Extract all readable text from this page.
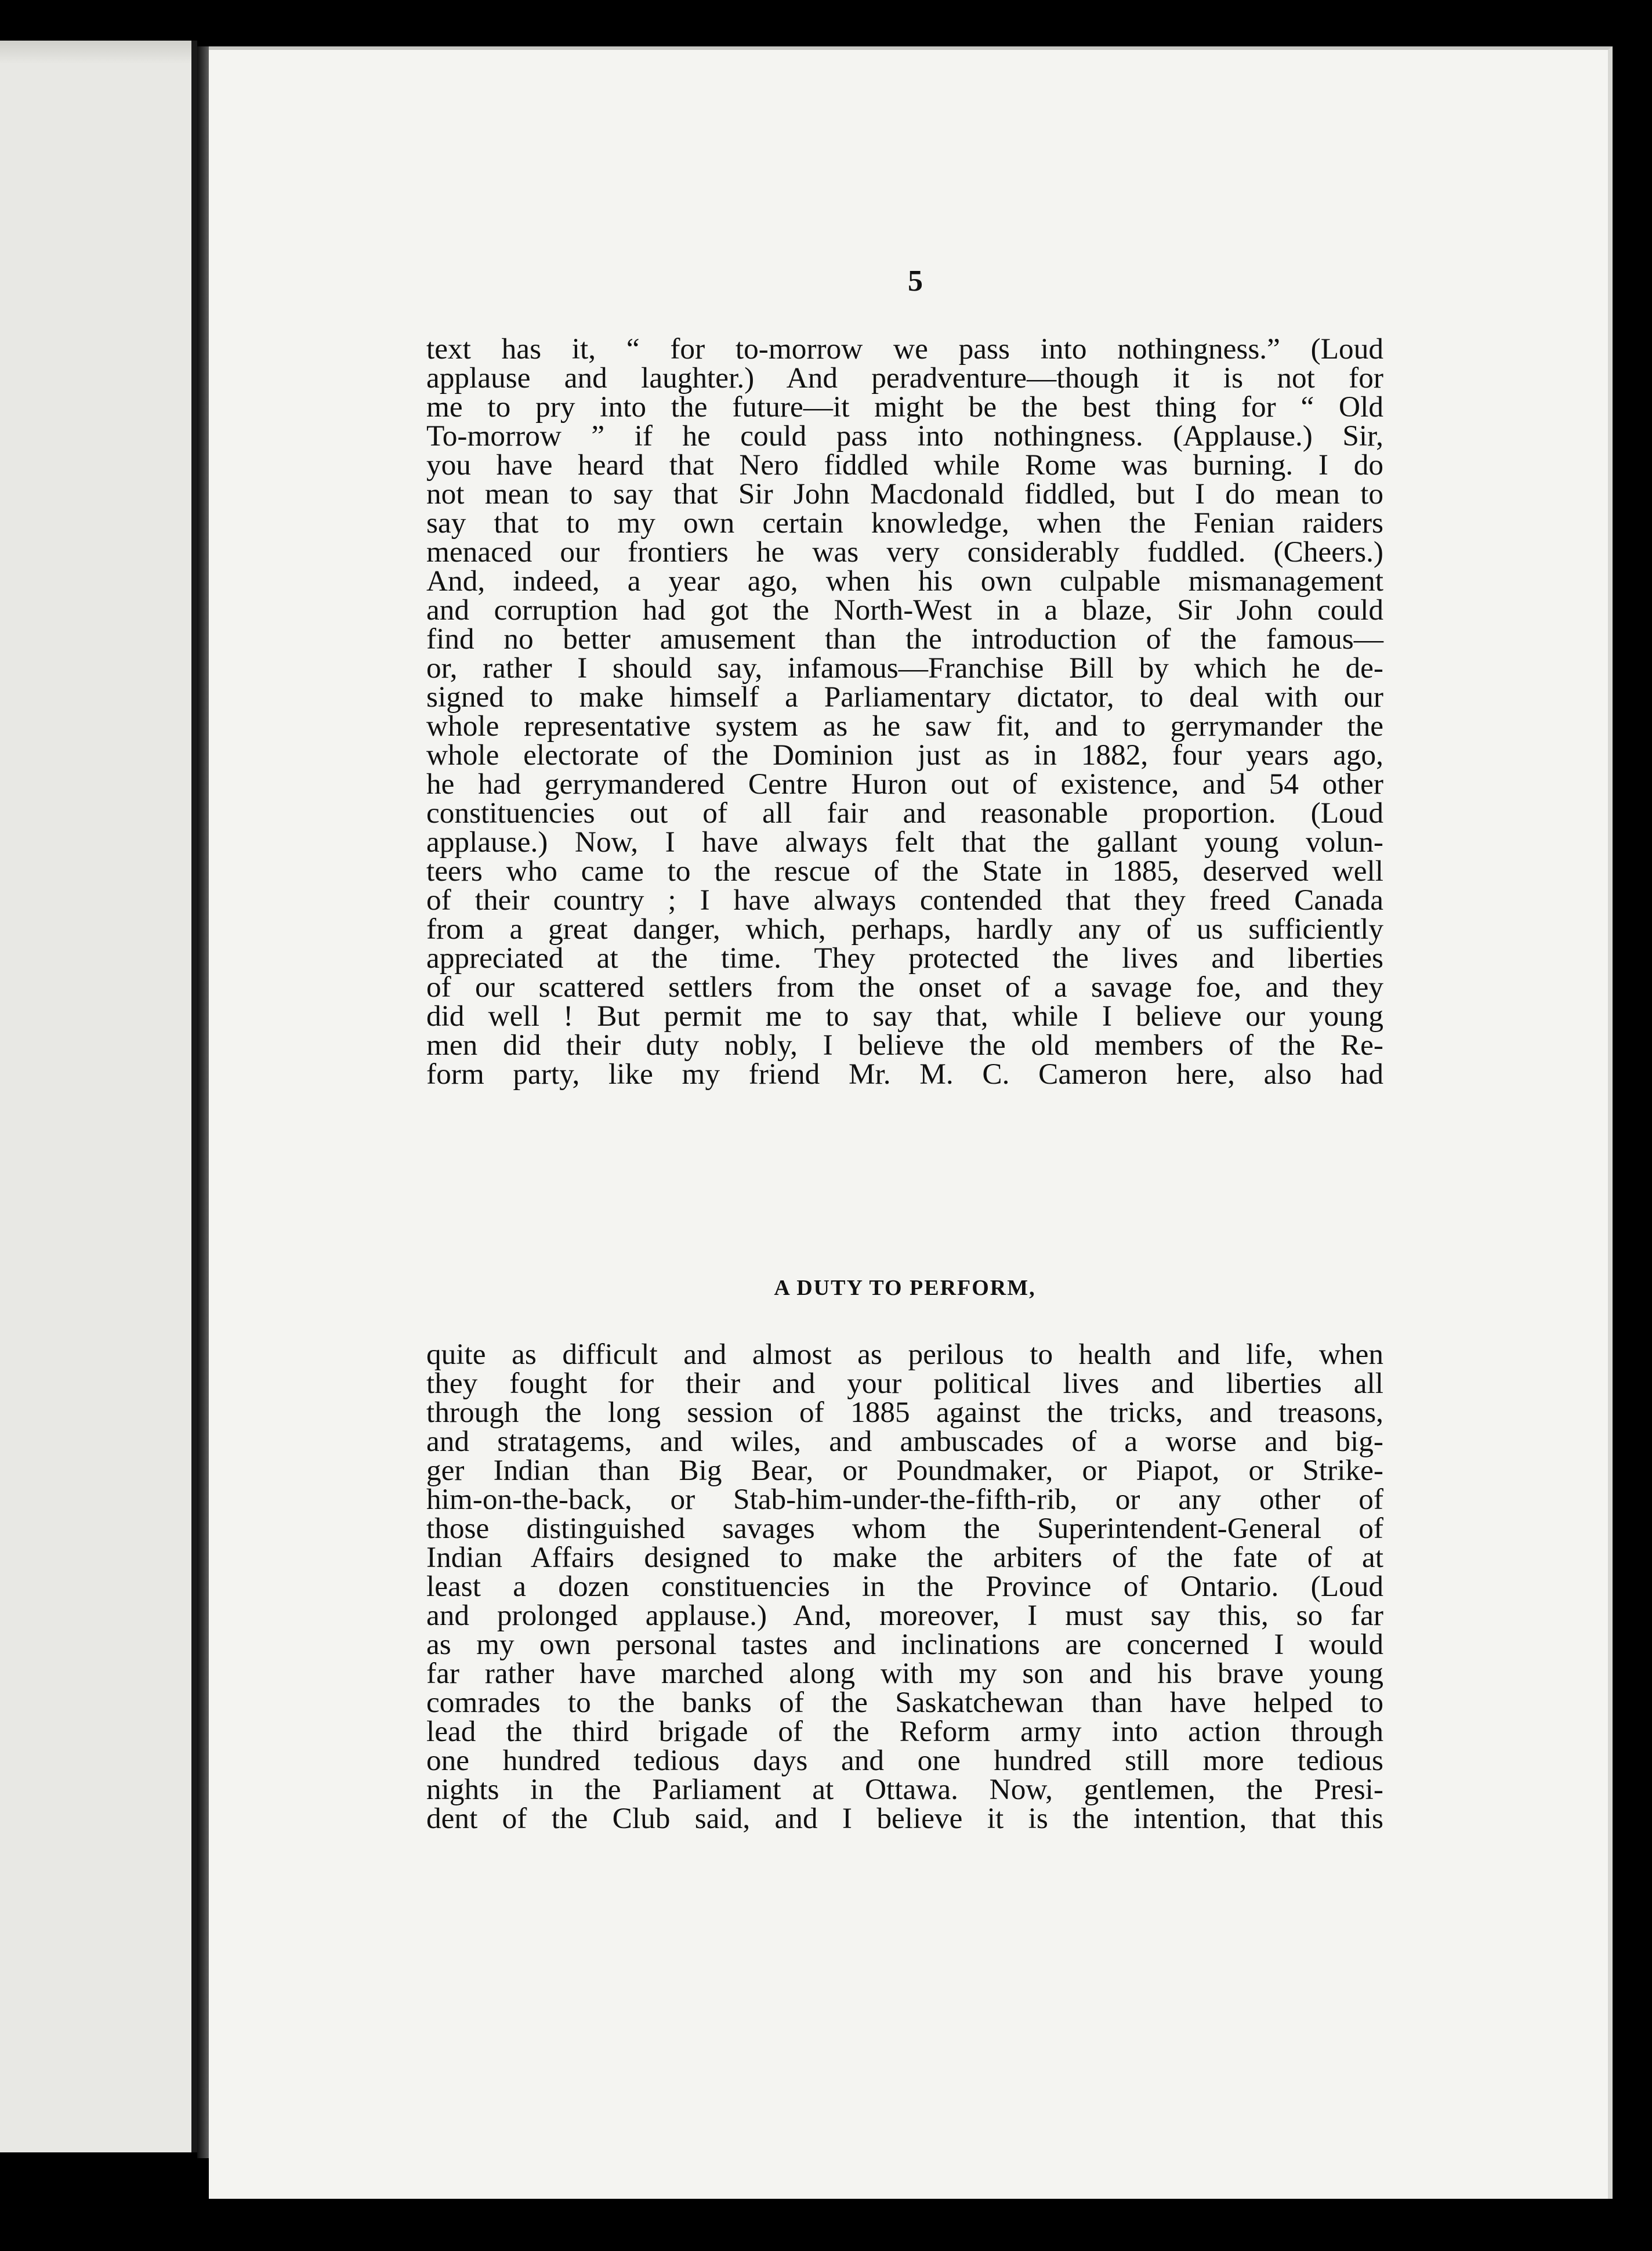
5
text has it, “ for to-morrow we pass into nothingness.” (Loud
applause and laughter.) And peradventure—though it is not for
me to pry into the future—it might be the best thing for “ Old
To-morrow ” if he could pass into nothingness. (Applause.) Sir,
you have heard that Nero fiddled while Rome was burning. I do
not mean to say that Sir John Macdonald fiddled, but I do mean to
say that to my own certain knowledge, when the Fenian raiders
menaced our frontiers he was very considerably fuddled. (Cheers.)
And, indeed, a year ago, when his own culpable mismanagement
and corruption had got the North-West in a blaze, Sir John could
find no better amusement than the introduction of the famous—
or, rather I should say, infamous—Franchise Bill by which he de-
signed to make himself a Parliamentary dictator, to deal with our
whole representative system as he saw fit, and to gerrymander the
whole electorate of the Dominion just as in 1882, four years ago,
he had gerrymandered Centre Huron out of existence, and 54 other
constituencies out of all fair and reasonable proportion. (Loud
applause.) Now, I have always felt that the gallant young volun-
teers who came to the rescue of the State in 1885, deserved well
of their country ; I have always contended that they freed Canada
from a great danger, which, perhaps, hardly any of us sufficiently
appreciated at the time. They protected the lives and liberties
of our scattered settlers from the onset of a savage foe, and they
did well ! But permit me to say that, while I believe our young
men did their duty nobly, I believe the old members of the Re-
form party, like my friend Mr. M. C. Cameron here, also had
A DUTY TO PERFORM,
quite as difficult and almost as perilous to health and life, when
they fought for their and your political lives and liberties all
through the long session of 1885 against the tricks, and treasons,
and stratagems, and wiles, and ambuscades of a worse and big-
ger Indian than Big Bear, or Poundmaker, or Piapot, or Strike-
him-on-the-back, or Stab-him-under-the-fifth-rib, or any other of
those distinguished savages whom the Superintendent-General of
Indian Affairs designed to make the arbiters of the fate of at
least a dozen constituencies in the Province of Ontario. (Loud
and prolonged applause.) And, moreover, I must say this, so far
as my own personal tastes and inclinations are concerned I would
far rather have marched along with my son and his brave young
comrades to the banks of the Saskatchewan than have helped to
lead the third brigade of the Reform army into action through
one hundred tedious days and one hundred still more tedious
nights in the Parliament at Ottawa. Now, gentlemen, the Presi-
dent of the Club said, and I believe it is the intention, that this
